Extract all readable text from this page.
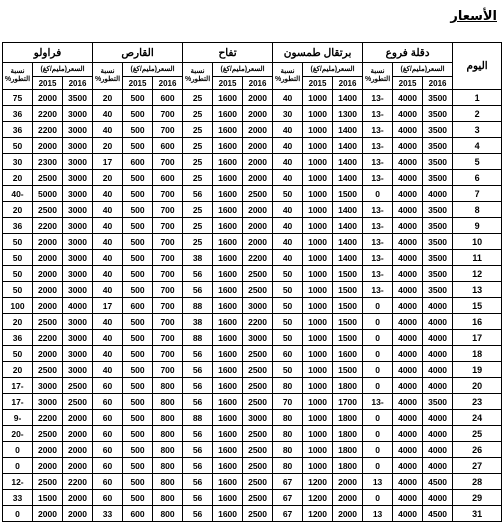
الأسعار
فراولو			القارص			تفاح			برتقال طمسون			دقلة فروع			اليوم
نسبة التطور%	السعر(مليم/كغ)		نسبة التطور%	السعر(مليم/كغ)		نسبة التطور%	السعر(مليم/كغ)		نسبة التطور%	السعر(مليم/كغ)		نسبة التطور%	السعر(مليم/كغ)		
	2015	2016		2015	2016		2015	2016		2015	2016		2015	2016	
75	2000	3500	20	500	600	25	1600	2000	40	1000	1400	13-	4000	3500	1
36	2200	3000	40	500	700	25	1600	2000	30	1000	1300	13-	4000	3500	2
36	2200	3000	40	500	700	25	1600	2000	40	1000	1400	13-	4000	3500	3
50	2000	3000	20	500	600	25	1600	2000	40	1000	1400	13-	4000	3500	4
30	2300	3000	17	600	700	25	1600	2000	40	1000	1400	13-	4000	3500	5
20	2500	3000	20	500	600	25	1600	2000	40	1000	1400	13-	4000	3500	6
40-	5000	3000	40	500	700	56	1600	2500	50	1000	1500	0	4000	4000	7
20	2500	3000	40	500	700	25	1600	2000	40	1000	1400	13-	4000	3500	8
36	2200	3000	40	500	700	25	1600	2000	40	1000	1400	13-	4000	3500	9
50	2000	3000	40	500	700	25	1600	2000	40	1000	1400	13-	4000	3500	10
50	2000	3000	40	500	700	38	1600	2200	40	1000	1400	13-	4000	3500	11
50	2000	3000	40	500	700	56	1600	2500	50	1000	1500	13-	4000	3500	12
50	2000	3000	40	500	700	56	1600	2500	50	1000	1500	13-	4000	3500	13
100	2000	4000	17	600	700	88	1600	3000	50	1000	1500	0	4000	4000	15
20	2500	3000	40	500	700	38	1600	2200	50	1000	1500	0	4000	4000	16
36	2200	3000	40	500	700	88	1600	3000	50	1000	1500	0	4000	4000	17
50	2000	3000	40	500	700	56	1600	2500	60	1000	1600	0	4000	4000	18
20	2500	3000	40	500	700	56	1600	2500	50	1000	1500	0	4000	4000	19
17-	3000	2500	60	500	800	56	1600	2500	80	1000	1800	0	4000	4000	20
17-	3000	2500	60	500	800	56	1600	2500	70	1000	1700	13-	4000	3500	23
9-	2200	2000	60	500	800	88	1600	3000	80	1000	1800	0	4000	4000	24
20-	2500	2000	60	500	800	56	1600	2500	80	1000	1800	0	4000	4000	25
0	2000	2000	60	500	800	56	1600	2500	80	1000	1800	0	4000	4000	26
0	2000	2000	60	500	800	56	1600	2500	80	1000	1800	0	4000	4000	27
12-	2500	2200	60	500	800	56	1600	2500	67	1200	2000	13	4000	4500	28
33	1500	2000	60	500	800	56	1600	2500	67	1200	2000	0	4000	4000	29
0	2000	2000	33	600	800	56	1600	2500	67	1200	2000	13	4000	4500	31
